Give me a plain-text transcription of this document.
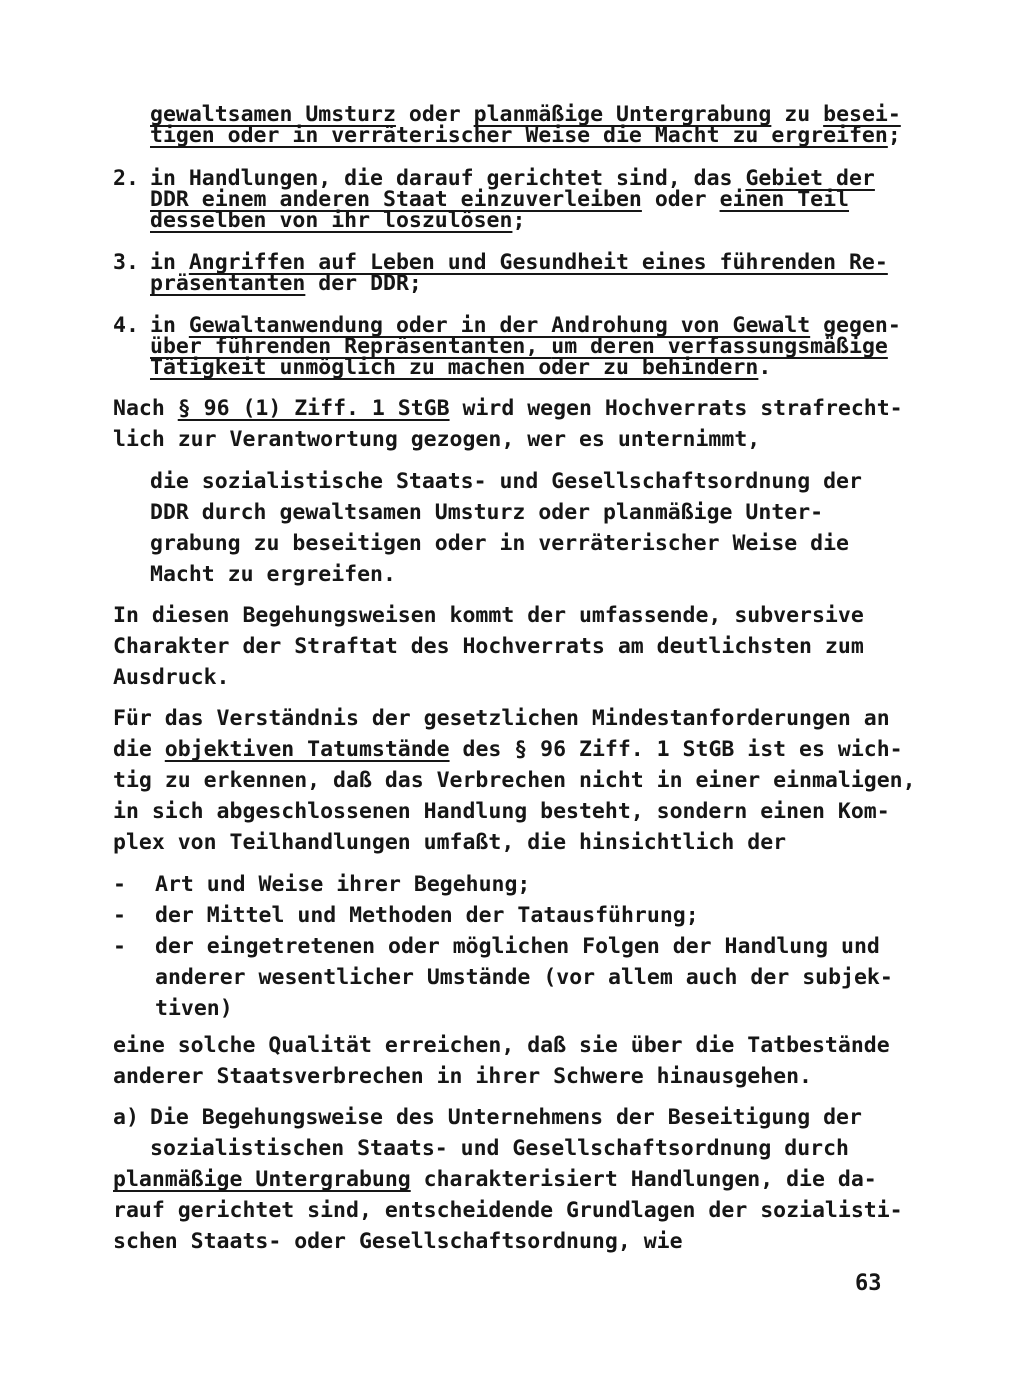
gewaltsamen Umsturz oder planmäßige Untergrabung zu besei-
tigen oder in verräterischer Weise die Macht zu ergreifen;
2. in Handlungen, die darauf gerichtet sind, das Gebiet der
DDR einem anderen Staat einzuverleiben oder einen Teil
desselben von ihr loszulösen;
3. in Angriffen auf Leben und Gesundheit eines führenden Re-
präsentanten der DDR;
4. in Gewaltanwendung oder in der Androhung von Gewalt gegen-
über führenden Repräsentanten, um deren verfassungsmäßige
Tätigkeit unmöglich zu machen oder zu behindern.
Nach § 96 (1) Ziff. 1 StGB wird wegen Hochverrats strafrecht-
lich zur Verantwortung gezogen, wer es unternimmt,
die sozialistische Staats- und Gesellschaftsordnung der
DDR durch gewaltsamen Umsturz oder planmäßige Unter-
grabung zu beseitigen oder in verräterischer Weise die
Macht zu ergreifen.
In diesen Begehungsweisen kommt der umfassende, subversive
Charakter der Straftat des Hochverrats am deutlichsten zum
Ausdruck.
Für das Verständnis der gesetzlichen Mindestanforderungen an
die objektiven Tatumstände des § 96 Ziff. 1 StGB ist es wich-
tig zu erkennen, daß das Verbrechen nicht in einer einmaligen,
in sich abgeschlossenen Handlung besteht, sondern einen Kom-
plex von Teilhandlungen umfaßt, die hinsichtlich der
- Art und Weise ihrer Begehung;
- der Mittel und Methoden der Tatausführung;
- der eingetretenen oder möglichen Folgen der Handlung und
anderer wesentlicher Umstände (vor allem auch der subjek-
tiven)
eine solche Qualität erreichen, daß sie über die Tatbestände
anderer Staatsverbrechen in ihrer Schwere hinausgehen.
a) Die Begehungsweise des Unternehmens der Beseitigung der
sozialistischen Staats- und Gesellschaftsordnung durch
planmäßige Untergrabung charakterisiert Handlungen, die da-
rauf gerichtet sind, entscheidende Grundlagen der sozialisti-
schen Staats- oder Gesellschaftsordnung, wie
63
